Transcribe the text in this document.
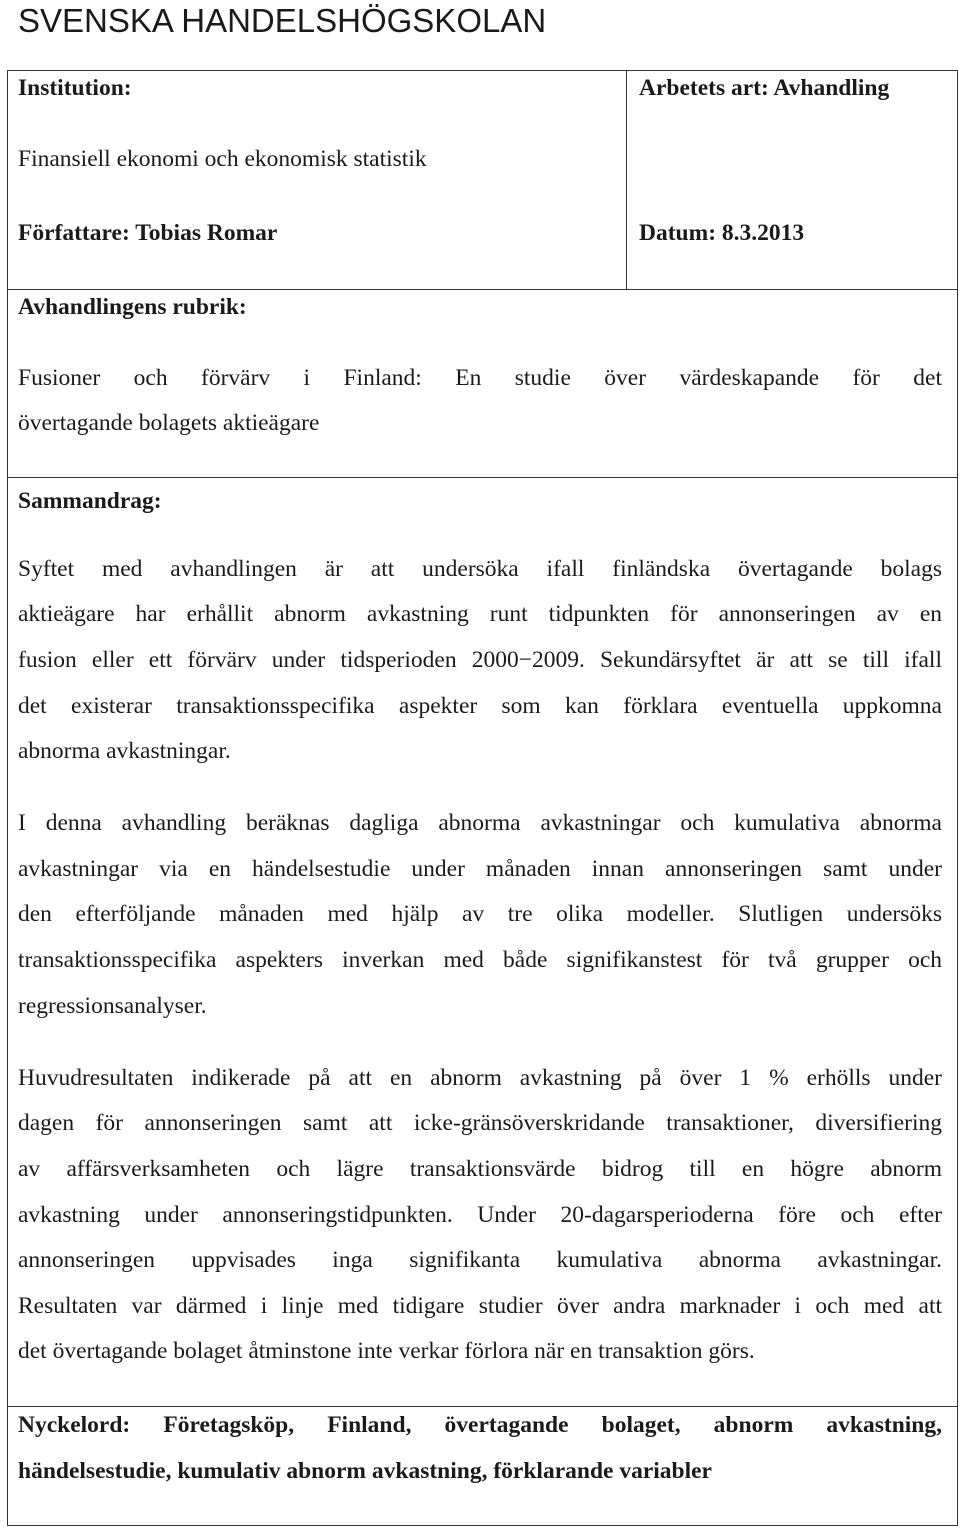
SVENSKA HANDELSHÖGSKOLAN
Institution:	Arbetets art: Avhandling
Finansiell ekonomi och ekonomisk statistik
Författare: Tobias Romar	Datum: 8.3.2013
Avhandlingens rubrik:
Fusioner och förvärv i Finland: En studie över värdeskapande för det
övertagande bolagets aktieägare
Sammandrag:
Syftet med avhandlingen är att undersöka ifall finländska övertagande bolags
aktieägare har erhållit abnorm avkastning runt tidpunkten för annonseringen av en
fusion eller ett förvärv under tidsperioden 2000−2009. Sekundärsyftet är att se till ifall
det existerar transaktionsspecifika aspekter som kan förklara eventuella uppkomna
abnorma avkastningar.
I denna avhandling beräknas dagliga abnorma avkastningar och kumulativa abnorma
avkastningar via en händelsestudie under månaden innan annonseringen samt under
den efterföljande månaden med hjälp av tre olika modeller. Slutligen undersöks
transaktionsspecifika aspekters inverkan med både signifikanstest för två grupper och
regressionsanalyser.
Huvudresultaten indikerade på att en abnorm avkastning på över 1 % erhölls under
dagen för annonseringen samt att icke-gränsöverskridande transaktioner, diversifiering
av affärsverksamheten och lägre transaktionsvärde bidrog till en högre abnorm
avkastning under annonseringstidpunkten. Under 20-dagarsperioderna före och efter
annonseringen uppvisades inga signifikanta kumulativa abnorma avkastningar.
Resultaten var därmed i linje med tidigare studier över andra marknader i och med att
det övertagande bolaget åtminstone inte verkar förlora när en transaktion görs.
Nyckelord: Företagsköp, Finland, övertagande bolaget, abnorm avkastning,
händelsestudie, kumulativ abnorm avkastning, förklarande variabler
